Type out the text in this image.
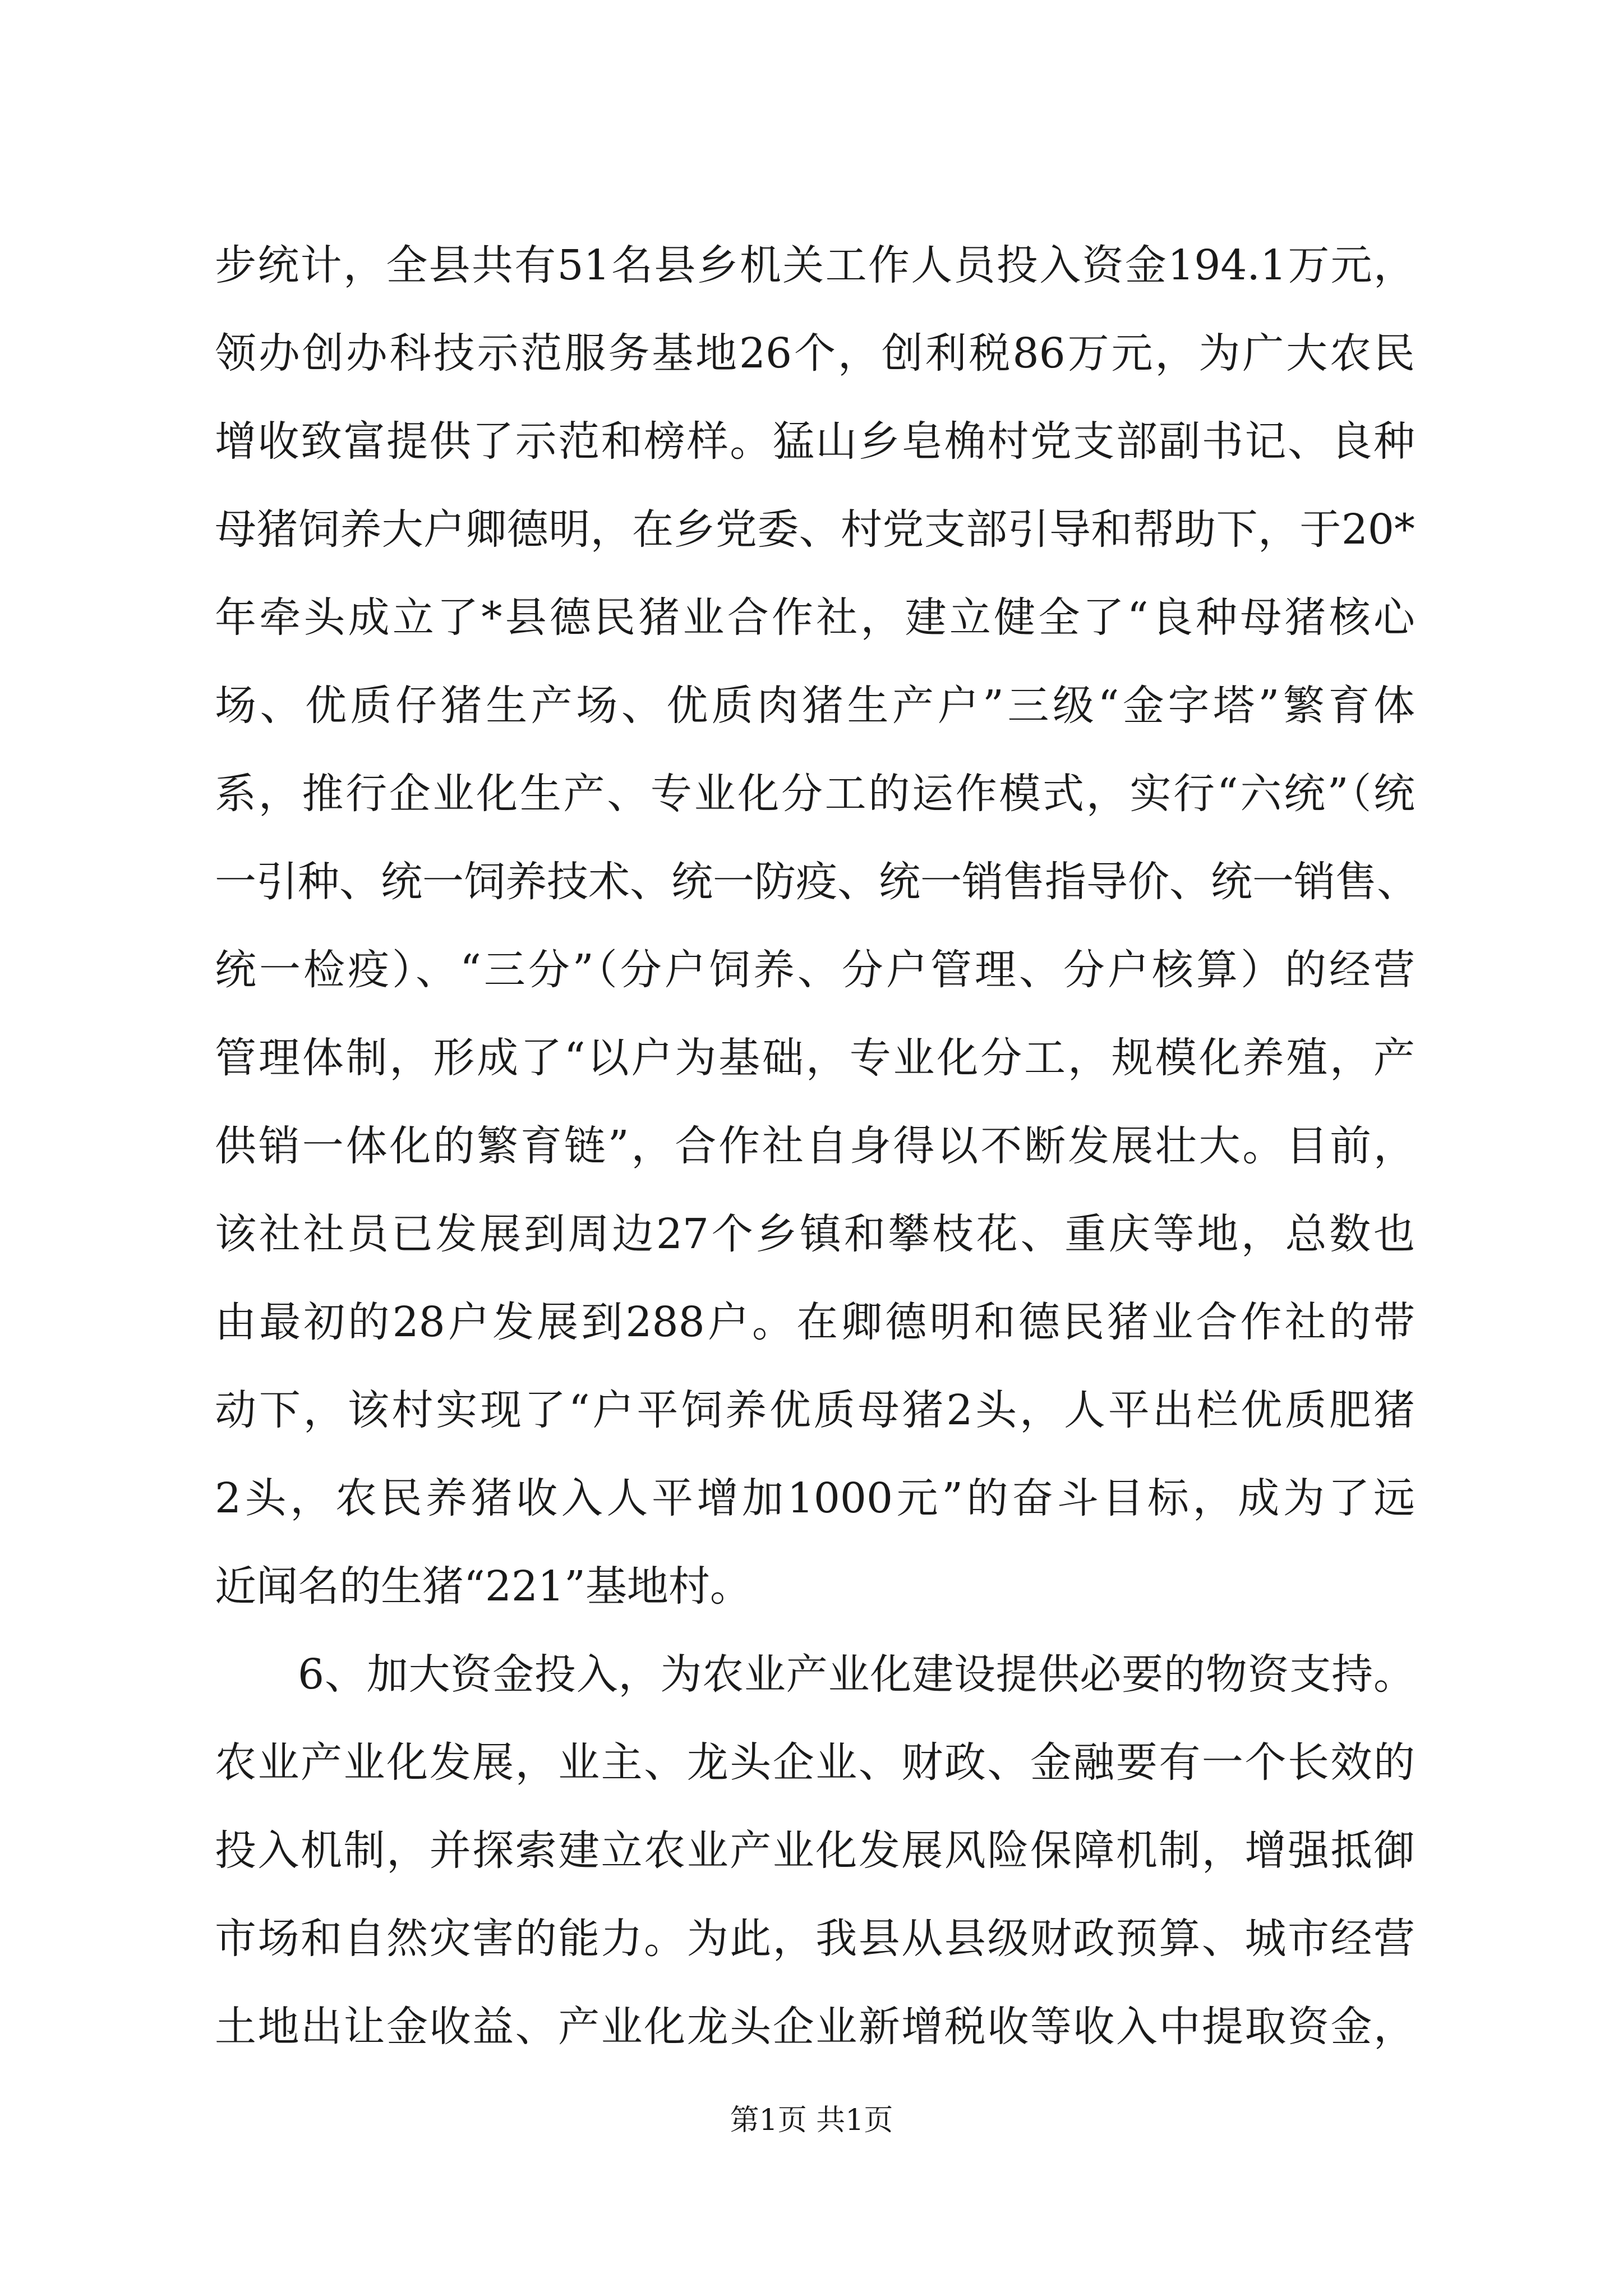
步统计，全县共有51名县乡机关工作人员投入资金194.1万元，
领办创办科技示范服务基地26个，创利税86万元，为广大农民
增收致富提供了示范和榜样。猛山乡皂桷村党支部副书记、良种
母猪饲养大户卿德明，在乡党委、村党支部引导和帮助下，于20*
年牵头成立了*县德民猪业合作社，建立健全了“良种母猪核心
场、优质仔猪生产场、优质肉猪生产户”三级“金字塔”繁育体
系，推行企业化生产、专业化分工的运作模式，实行“六统”（统
一引种、统一饲养技术、统一防疫、统一销售指导价、统一销售、
统一检疫）、“三分”（分户饲养、分户管理、分户核算）的经营
管理体制，形成了“以户为基础，专业化分工，规模化养殖，产
供销一体化的繁育链”，合作社自身得以不断发展壮大。目前，
该社社员已发展到周边27个乡镇和攀枝花、重庆等地，总数也
由最初的28户发展到288户。在卿德明和德民猪业合作社的带
动下，该村实现了“户平饲养优质母猪2头，人平出栏优质肥猪
2头，农民养猪收入人平增加1000元”的奋斗目标，成为了远
近闻名的生猪“221”基地村。
6、加大资金投入，为农业产业化建设提供必要的物资支持。
农业产业化发展，业主、龙头企业、财政、金融要有一个长效的
投入机制，并探索建立农业产业化发展风险保障机制，增强抵御
市场和自然灾害的能力。为此，我县从县级财政预算、城市经营
土地出让金收益、产业化龙头企业新增税收等收入中提取资金，
第1页 共1页
